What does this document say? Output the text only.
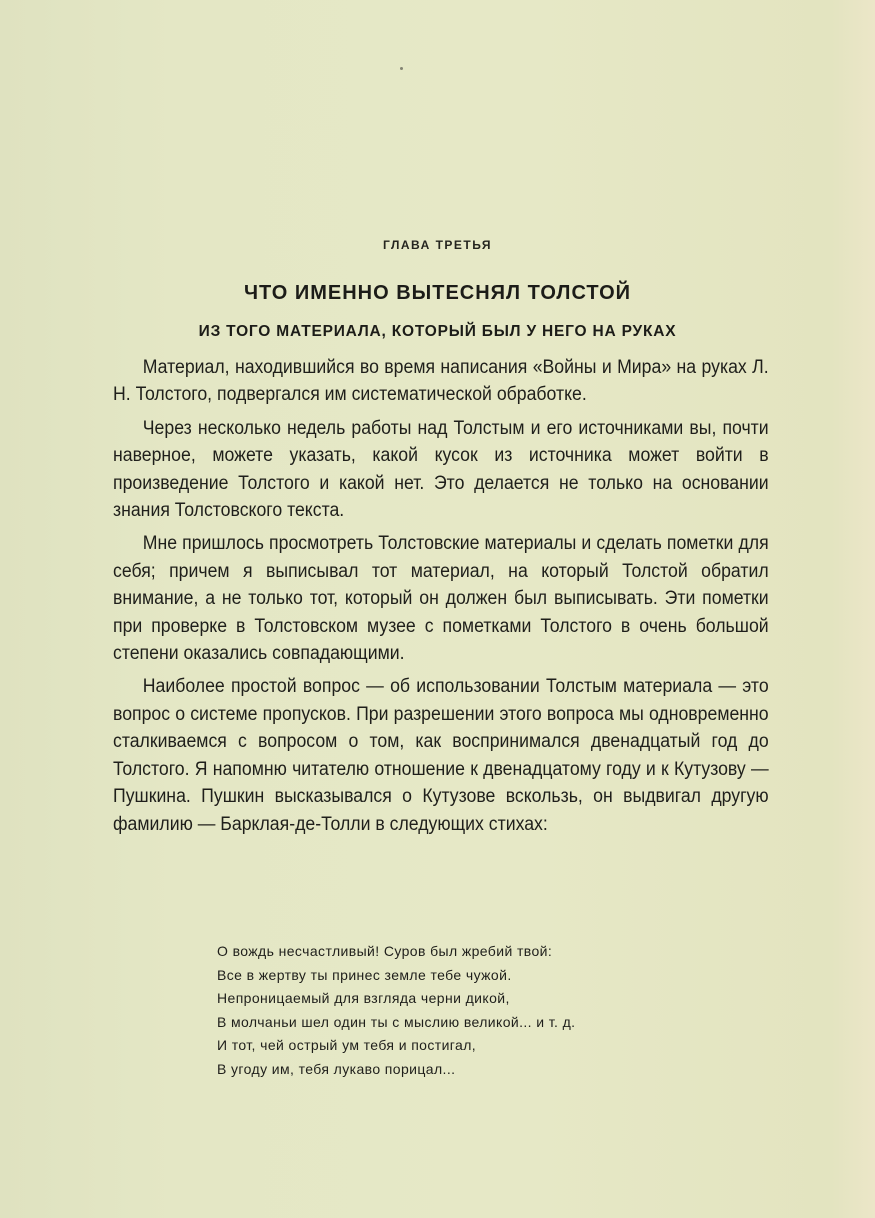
ГЛАВА ТРЕТЬЯ
ЧТО ИМЕННО ВЫТЕСНЯЛ ТОЛСТОЙ
ИЗ ТОГО МАТЕРИАЛА, КОТОРЫЙ БЫЛ У НЕГО НА РУКАХ

Материал, находившийся во время написания «Войны и Мира» на руках Л. Н. Толстого, подвергался им систематической обработке.

Через несколько недель работы над Толстым и его источниками вы, почти наверное, можете указать, какой кусок из источника может войти в произведение Толстого и какой нет. Это делается не только на основании знания Толстовского текста.

Мне пришлось просмотреть Толстовские материалы и сделать пометки для себя; причем я выписывал тот материал, на который Толстой обратил внимание, а не только тот, который он должен был выписывать. Эти пометки при проверке в Толстовском музее с пометками Толстого в очень большой степени оказались совпадающими.

Наиболее простой вопрос — об использовании Толстым материала — это вопрос о системе пропусков. При разрешении этого вопроса мы одновременно сталкиваемся с вопросом о том, как воспринимался двенадцатый год до Толстого. Я напомню читателю отношение к двенадцатому году и к Кутузову — Пушкина. Пушкин высказывался о Кутузове вскользь, он выдвигал другую фамилию — Барклая-де-Толли в следующих стихах:

О вождь несчастливый! Суров был жребий твой:
Все в жертву ты принес земле тебе чужой.
Непроницаемый для взгляда черни дикой,
В молчаньи шел один ты с мыслию великой... и т. д.
И тот, чей острый ум тебя и постигал,
В угоду им, тебя лукаво порицал...
